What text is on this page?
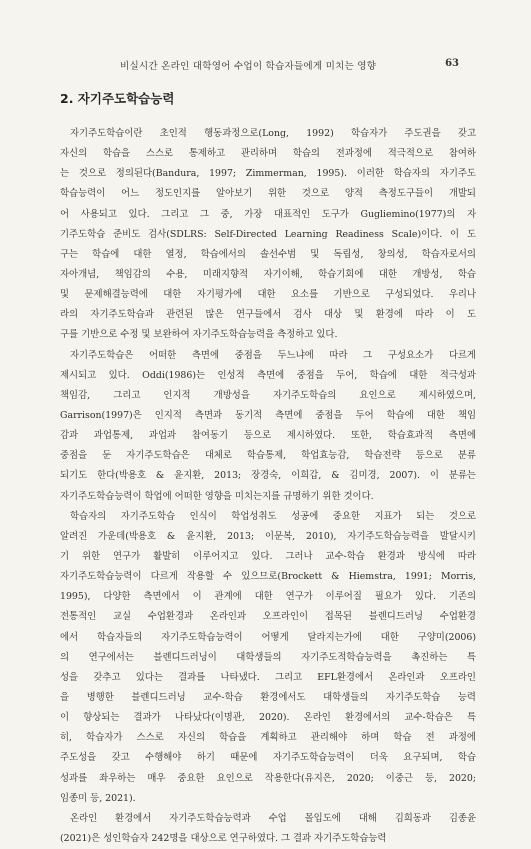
비실시간 온라인 대학영어 수업이 학습자들에게 미치는 영향	63
2. 자기주도학습능력
자기주도학습이란 초인적 행동과정으로(Long, 1992) 학습자가 주도권을 갖고
자신의 학습을 스스로 통제하고 관리하며 학습의 전과정에 적극적으로 참여하
는 것으로 정의된다(Bandura, 1997; Zimmerman, 1995). 이러한 학습자의 자기주도
학습능력이 어느 정도인지를 알아보기 위한 것으로 양적 측정도구들이 개발되
어 사용되고 있다. 그리고 그 중, 가장 대표적인 도구가 Gugliemino(1977)의 자
기주도학습 준비도 검사(SDLRS: Self-Directed Learning Readiness Scale)이다. 이 도
구는 학습에 대한 열정, 학습에서의 솔선수범 및 독립성, 창의성, 학습자로서의
자아개념, 책임감의 수용, 미래지향적 자기이해, 학습기회에 대한 개방성, 학습
및 문제해결능력에 대한 자기평가에 대한 요소를 기반으로 구성되었다. 우리나
라의 자기주도학습과 관련된 많은 연구들에서 검사 대상 및 환경에 따라 이 도
구를 기반으로 수정 및 보완하여 자기주도학습능력을 측정하고 있다.
자기주도학습은 어떠한 측면에 중점을 두느냐에 따라 그 구성요소가 다르게
제시되고 있다. Oddi(1986)는 인성적 측면에 중점을 두어, 학습에 대한 적극성과
책임감, 그리고 인지적 개방성을 자기주도학습의 요인으로 제시하였으며,
Garrison(1997)은 인지적 측면과 동기적 측면에 중점을 두어 학습에 대한 책임
감과 과업통제, 과업과 참여동기 등으로 제시하였다. 또한, 학습효과적 측면에
중점을 둔 자기주도학습은 대체로 학습통제, 학업효능감, 학습전략 등으로 분류
되기도 한다(박용호 & 윤지환, 2013; 장경숙, 이희갑, & 김미경, 2007). 이 분류는
자기주도학습능력이 학업에 어떠한 영향을 미치는지를 규명하기 위한 것이다.
학습자의 자기주도학습 인식이 학업성취도 성공에 중요한 지표가 되는 것으로
알려진 가운데(박용호 & 윤지환, 2013; 이문복, 2010), 자기주도학습능력을 발달시키
기 위한 연구가 활발히 이루어지고 있다. 그러나 교수-학습 환경과 방식에 따라
자기주도학습능력이 다르게 작용할 수 있으므로(Brockett & Hiemstra, 1991; Morris,
1995), 다양한 측면에서 이 관계에 대한 연구가 이루어질 필요가 있다. 기존의
전통적인 교실 수업환경과 온라인과 오프라인이 접목된 블렌디드러닝 수업환경
에서 학습자들의 자기주도학습능력이 어떻게 달라지는가에 대한 구양미(2006)
의 연구에서는 블렌디드러닝이 대학생들의 자기주도적학습능력을 촉진하는 특
성을 갖추고 있다는 결과를 나타냈다. 그리고 EFL환경에서 온라인과 오프라인
을 병행한 블렌디드러닝 교수-학습 환경에서도 대학생들의 자기주도학습 능력
이 향상되는 결과가 나타났다(이명관, 2020). 온라인 환경에서의 교수-학습은 특
히, 학습자가 스스로 자신의 학습을 계획하고 관리해야 하며 학습 전 과정에
주도성을 갖고 수행해야 하기 때문에 자기주도학습능력이 더욱 요구되며, 학습
성과를 좌우하는 매우 중요한 요인으로 작용한다(유지은, 2020; 이중근 등, 2020;
임종미 등, 2021).
온라인 환경에서 자기주도학습능력과 수업 몰입도에 대해 김희동과 김종윤
(2021)은 성인학습자 242명을 대상으로 연구하였다. 그 결과 자기주도학습능력
